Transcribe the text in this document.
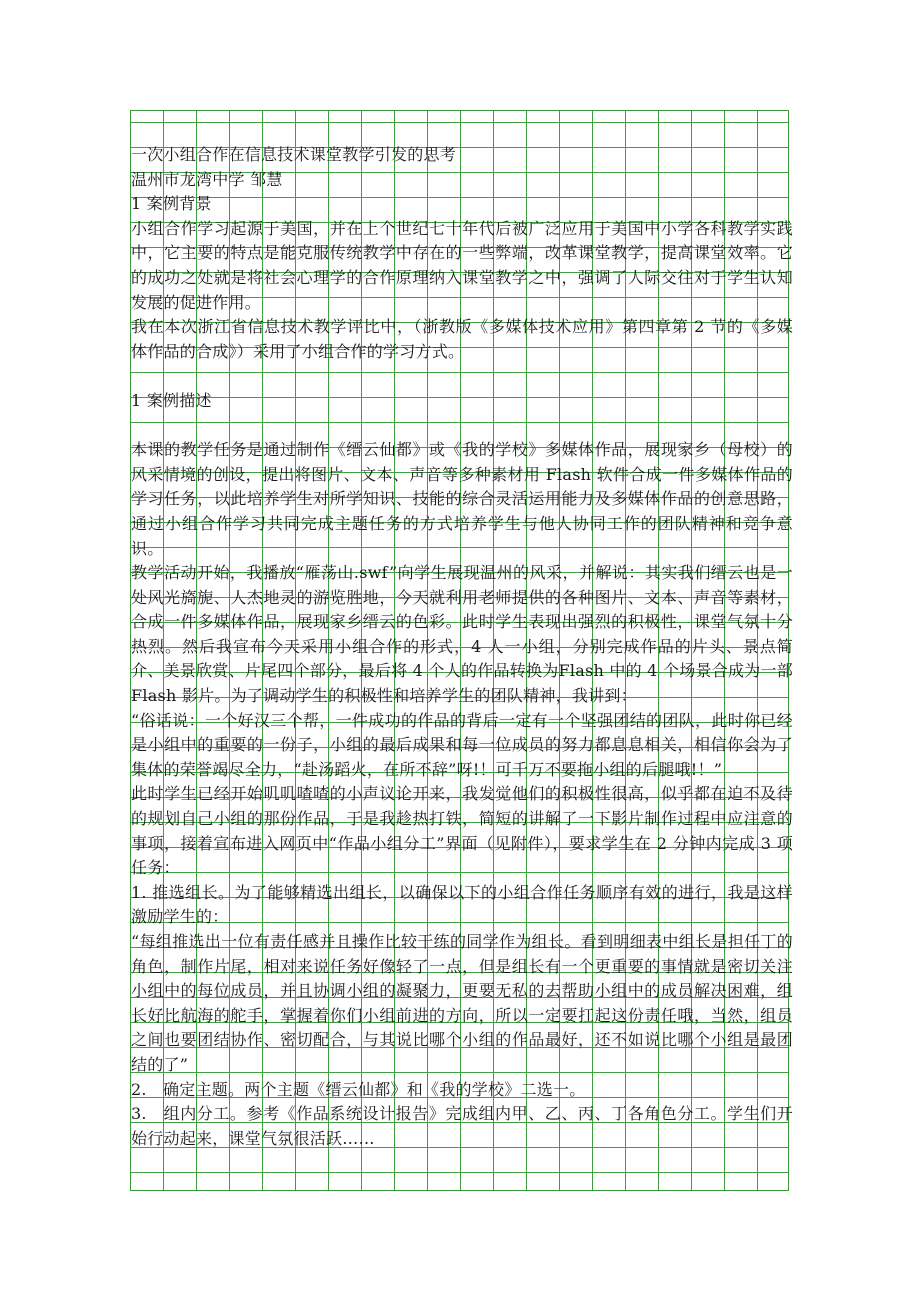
一次小组合作在信息技术课堂教学引发的思考

温州市龙湾中学 邹慧

1 案例背景

小组合作学习起源于美国，并在上个世纪七十年代后被广泛应用于美国中小学各科教学实践中，它主要的特点是能克服传统教学中存在的一些弊端，改革课堂教学，提高课堂效率。它的成功之处就是将社会心理学的合作原理纳入课堂教学之中，强调了人际交往对于学生认知发展的促进作用。

我在本次浙江省信息技术教学评比中，（浙教版《多媒体技术应用》第四章第 2 节的《多媒体作品的合成》）采用了小组合作的学习方式。

1 案例描述

本课的教学任务是通过制作《缙云仙都》或《我的学校》多媒体作品，展现家乡（母校）的风采情境的创设，提出将图片、文本、声音等多种素材用 Flash 软件合成一件多媒体作品的学习任务，以此培养学生对所学知识、技能的综合灵活运用能力及多媒体作品的创意思路，通过小组合作学习共同完成主题任务的方式培养学生与他人协同工作的团队精神和竞争意识。

教学活动开始，我播放“雁荡山.swf”向学生展现温州的风采，并解说：其实我们缙云也是一处风光旖旎、人杰地灵的游览胜地，今天就利用老师提供的各种图片、文本、声音等素材，合成一件多媒体作品，展现家乡缙云的色彩。此时学生表现出强烈的积极性，课堂气氛十分热烈。然后我宣布今天采用小组合作的形式，4 人一小组，分别完成作品的片头、景点简介、美景欣赏、片尾四个部分，最后将 4 个人的作品转换为Flash 中的 4 个场景合成为一部 Flash 影片。为了调动学生的积极性和培养学生的团队精神，我讲到：

“俗话说：一个好汉三个帮，一件成功的作品的背后一定有一个坚强团结的团队，此时你已经是小组中的重要的一份子，小组的最后成果和每一位成员的努力都息息相关，相信你会为了集体的荣誉竭尽全力，“赴汤蹈火，在所不辞”呀!！可千万不要拖小组的后腿哦!！”

此时学生已经开始叽叽喳喳的小声议论开来，我发觉他们的积极性很高，似乎都在迫不及待的规划自己小组的那份作品，于是我趁热打铁，简短的讲解了一下影片制作过程中应注意的事项，接着宣布进入网页中“作品小组分工”界面（见附件），要求学生在 2 分钟内完成 3 项任务：

1. 推选组长。为了能够精选出组长，以确保以下的小组合作任务顺序有效的进行，我是这样激励学生的：

“每组推选出一位有责任感并且操作比较干练的同学作为组长。看到明细表中组长是担任丁的角色，制作片尾，相对来说任务好像轻了一点，但是组长有一个更重要的事情就是密切关注小组中的每位成员，并且协调小组的凝聚力，更要无私的去帮助小组中的成员解决困难，组长好比航海的舵手，掌握着你们小组前进的方向，所以一定要扛起这份责任哦，当然，组员之间也要团结协作、密切配合，与其说比哪个小组的作品最好，还不如说比哪个小组是最团结的了”

2.　确定主题。两个主题《缙云仙都》和《我的学校》二选一。

3.　组内分工。参考《作品系统设计报告》完成组内甲、乙、丙、丁各角色分工。学生们开始行动起来，课堂气氛很活跃……
